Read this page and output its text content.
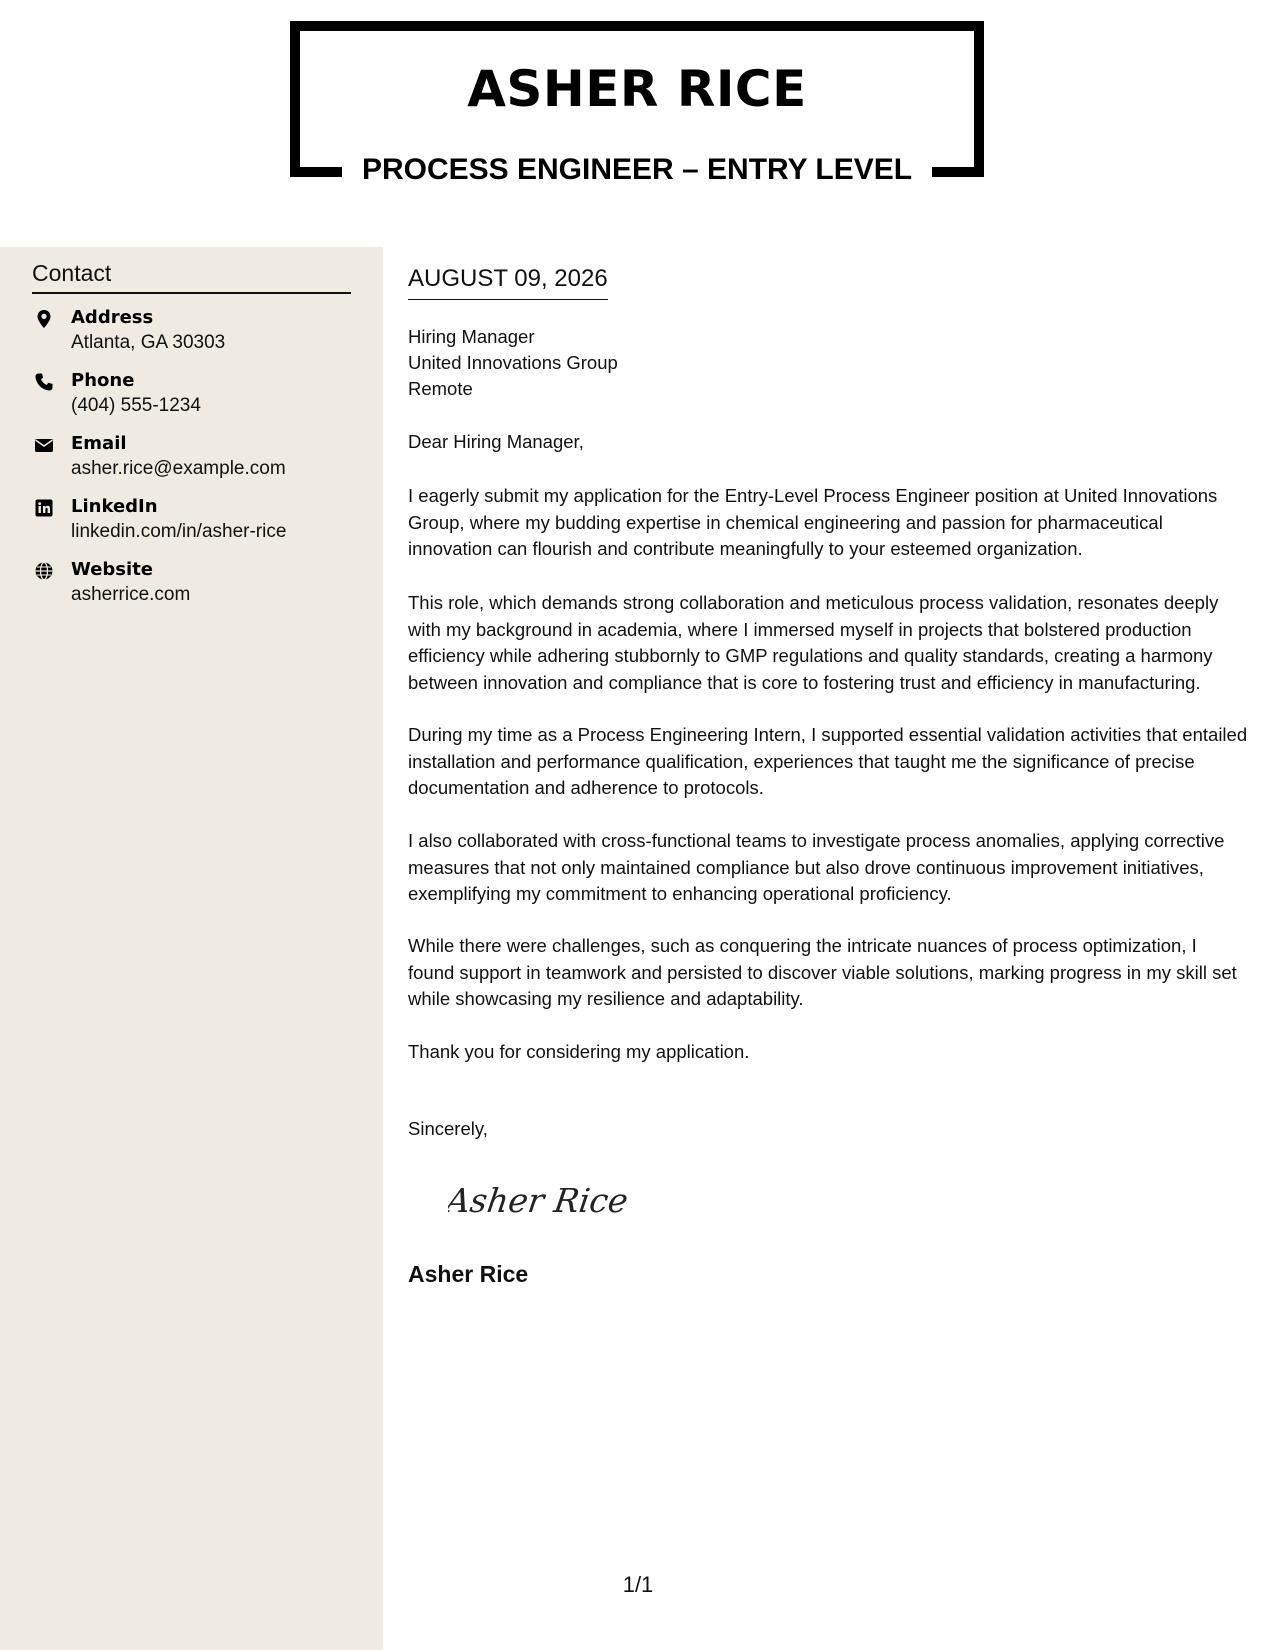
ASHER RICE
PROCESS ENGINEER – ENTRY LEVEL
Contact
Address
Atlanta, GA 30303
Phone
(404) 555-1234
Email
asher.rice@example.com
LinkedIn
linkedin.com/in/asher-rice
Website
asherrice.com
AUGUST 09, 2026
Hiring Manager
United Innovations Group
Remote
Dear Hiring Manager,

I eagerly submit my application for the Entry-Level Process Engineer position at United Innovations Group, where my budding expertise in chemical engineering and passion for pharmaceutical innovation can flourish and contribute meaningfully to your esteemed organization.

This role, which demands strong collaboration and meticulous process validation, resonates deeply with my background in academia, where I immersed myself in projects that bolstered production efficiency while adhering stubbornly to GMP regulations and quality standards, creating a harmony between innovation and compliance that is core to fostering trust and efficiency in manufacturing.

During my time as a Process Engineering Intern, I supported essential validation activities that entailed installation and performance qualification, experiences that taught me the significance of precise documentation and adherence to protocols.

I also collaborated with cross-functional teams to investigate process anomalies, applying corrective measures that not only maintained compliance but also drove continuous improvement initiatives, exemplifying my commitment to enhancing operational proficiency.

While there were challenges, such as conquering the intricate nuances of process optimization, I found support in teamwork and persisted to discover viable solutions, marking progress in my skill set while showcasing my resilience and adaptability.

Thank you for considering my application.

Sincerely,
Asher Rice
Asher Rice
1/1
